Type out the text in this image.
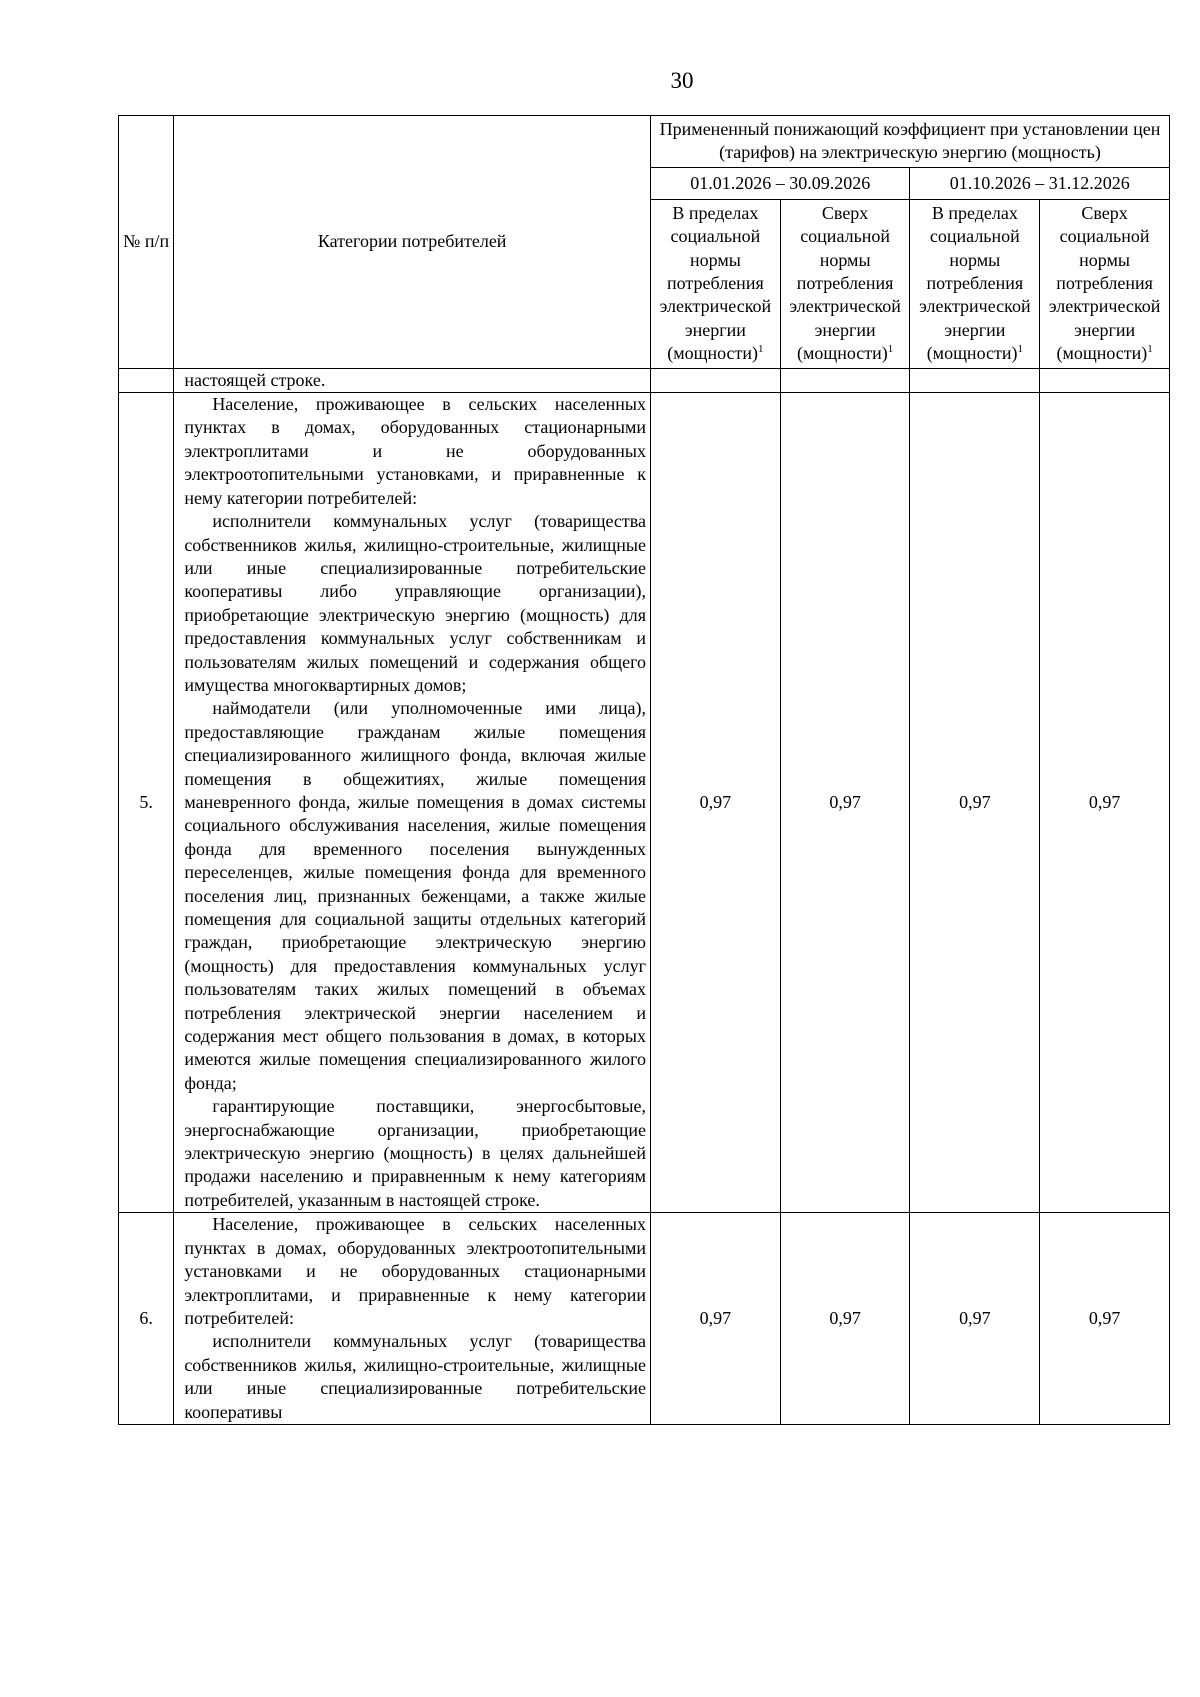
30
№ п/п	Категории потребителей	Примененный понижающий коэффициент при установлении цен (тарифов) на электрическую энергию (мощность)			
		01.01.2026 – 30.09.2026		01.10.2026 – 31.12.2026	
		В пределах социальной нормы потребления электрической энергии (мощности)$^1$	Сверх социальной нормы потребления электрической энергии (мощности)$^1$	В пределах социальной нормы потребления электрической энергии (мощности)$^1$	Сверх социальной нормы потребления электрической энергии (мощности)$^1$

	настоящей строке.				

5.	Население, проживающее в сельских населенных пунктах в домах, оборудованных стационарными электроплитами и не оборудованных электроотопительными установками, и приравненные к нему категории потребителей:

исполнители коммунальных услуг (товарищества собственников жилья, жилищно-строительные, жилищные или иные специализированные потребительские кооперативы либо управляющие организации), приобретающие электрическую энергию (мощность) для предоставления коммунальных услуг собственникам и пользователям жилых помещений и содержания общего имущества многоквартирных домов;

наймодатели (или уполномоченные ими лица), предоставляющие гражданам жилые помещения специализированного жилищного фонда, включая жилые помещения в общежитиях, жилые помещения маневренного фонда, жилые помещения в домах системы социального обслуживания населения, жилые помещения фонда для временного поселения вынужденных переселенцев, жилые помещения фонда для временного поселения лиц, признанных беженцами, а также жилые помещения для социальной защиты отдельных категорий граждан, приобретающие электрическую энергию (мощность) для предоставления коммунальных услуг пользователям таких жилых помещений в объемах потребления электрической энергии населением и содержания мест общего пользования в домах, в которых имеются жилые помещения специализированного жилого фонда;

гарантирующие поставщики, энергосбытовые, энергоснабжающие организации, приобретающие электрическую энергию (мощность) в целях дальнейшей продажи населению и приравненным к нему категориям потребителей, указанным в настоящей строке.	0,97	0,97	0,97	0,97
6.	Население, проживающее в сельских населенных пунктах в домах, оборудованных электроотопительными установками и не оборудованных стационарными электроплитами, и приравненные к нему категории потребителей:

исполнители коммунальных услуг (товарищества собственников жилья, жилищно-строительные, жилищные или иные специализированные потребительские кооперативы	0,97	0,97	0,97	0,97
